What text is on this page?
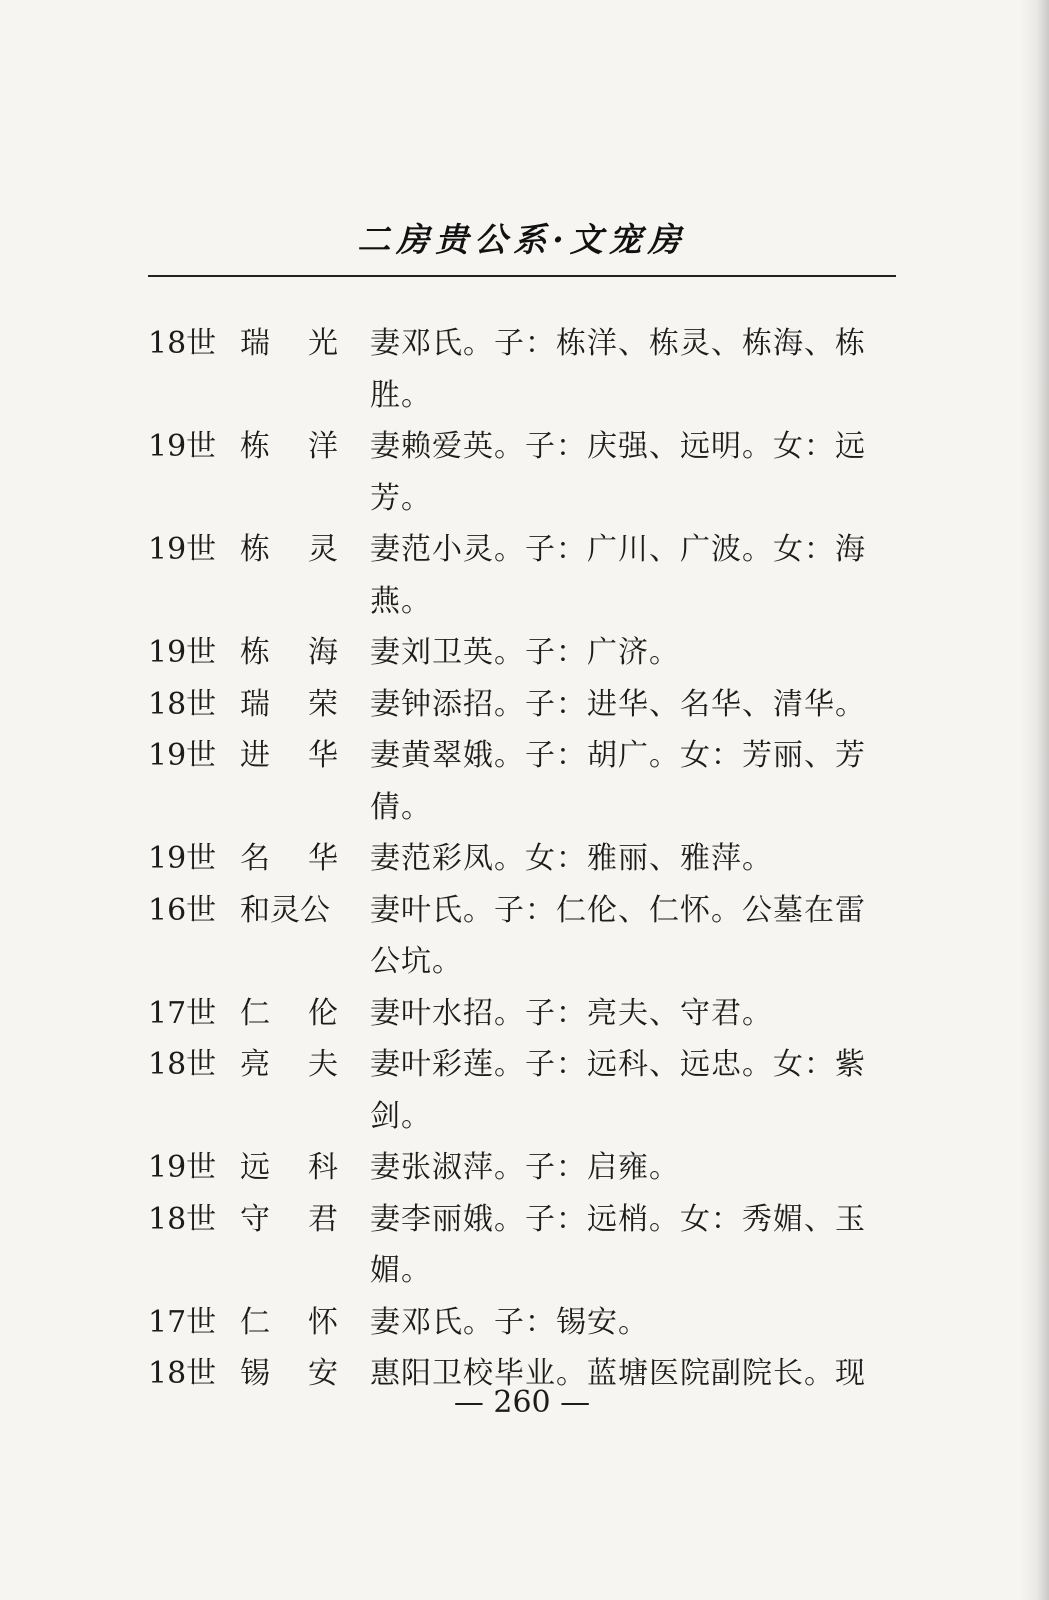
二房贵公系·文宠房
18世 瑞 光 妻邓氏。子：栋洋、栋灵、栋海、栋
胜。
19世 栋 洋 妻赖爱英。子：庆强、远明。女：远
芳。
19世 栋 灵 妻范小灵。子：广川、广波。女：海
燕。
19世 栋 海 妻刘卫英。子：广济。
18世 瑞 荣 妻钟添招。子：进华、名华、清华。
19世 进 华 妻黄翠娥。子：胡广。女：芳丽、芳
倩。
19世 名 华 妻范彩凤。女：雅丽、雅萍。
16世 和灵公 妻叶氏。子：仁伦、仁怀。公墓在雷
公坑。
17世 仁 伦 妻叶水招。子：亮夫、守君。
18世 亮 夫 妻叶彩莲。子：远科、远忠。女：紫
剑。
19世 远 科 妻张淑萍。子：启雍。
18世 守 君 妻李丽娥。子：远梢。女：秀媚、玉
媚。
17世 仁 怀 妻邓氏。子：锡安。
18世 锡 安 惠阳卫校毕业。蓝塘医院副院长。现
— 260 —
